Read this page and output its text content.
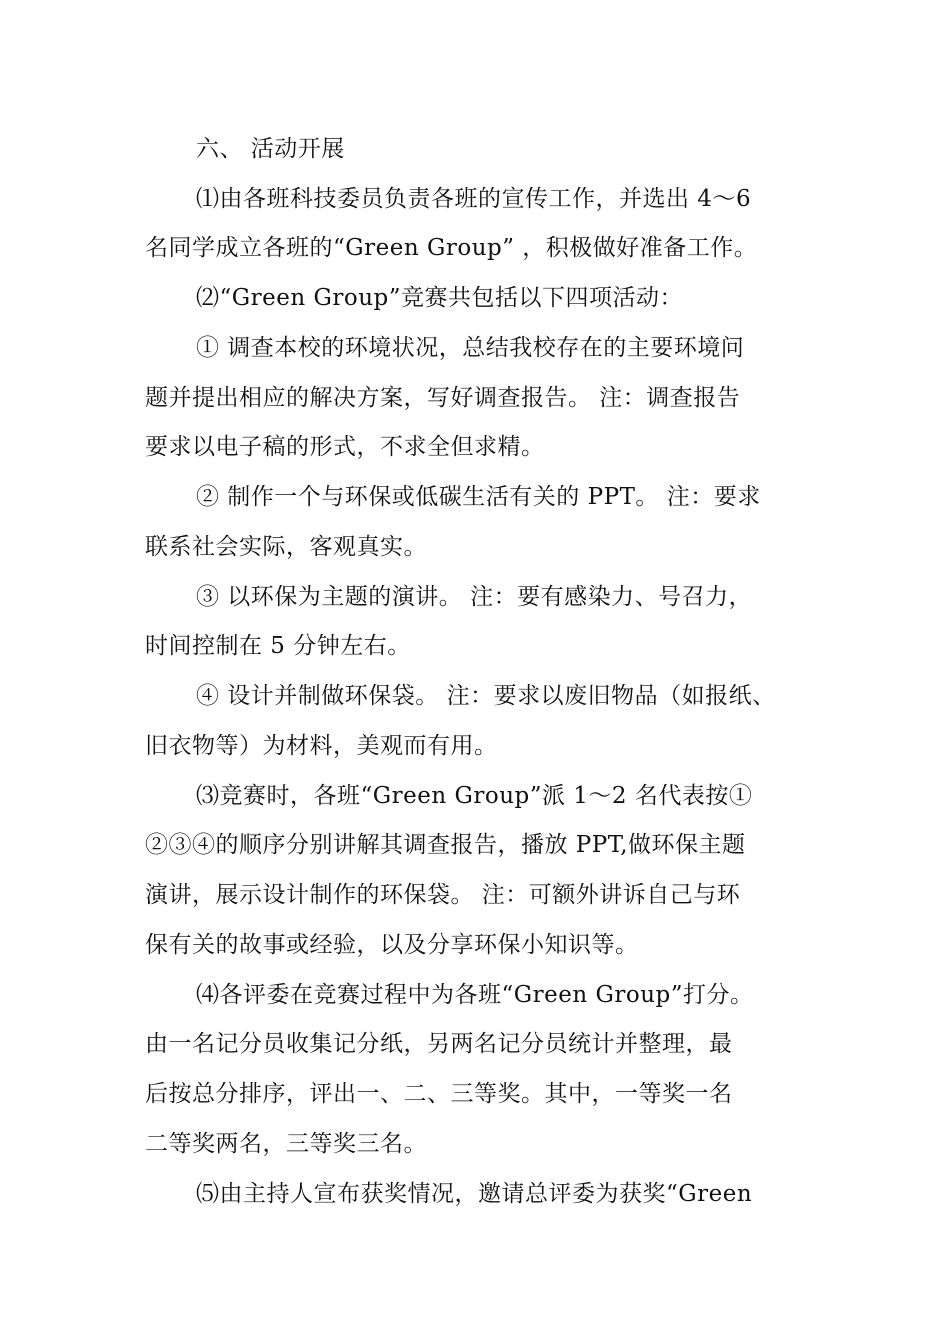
六、 活动开展
⑴由各班科技委员负责各班的宣传工作，并选出 4～6
名同学成立各班的“Green Group” ，积极做好准备工作。
⑵“Green Group”竞赛共包括以下四项活动：
① 调查本校的环境状况，总结我校存在的主要环境问
题并提出相应的解决方案，写好调查报告。 注：调查报告
要求以电子稿的形式，不求全但求精。
② 制作一个与环保或低碳生活有关的 PPT。 注：要求
联系社会实际，客观真实。
③ 以环保为主题的演讲。 注：要有感染力、号召力，
时间控制在 5 分钟左右。
④ 设计并制做环保袋。 注：要求以废旧物品（如报纸、
旧衣物等）为材料，美观而有用。
⑶竞赛时，各班“Green Group”派 1～2 名代表按①
②③④的顺序分别讲解其调查报告，播放 PPT,做环保主题
演讲，展示设计制作的环保袋。 注：可额外讲诉自己与环
保有关的故事或经验，以及分享环保小知识等。
⑷各评委在竞赛过程中为各班“Green Group”打分。
由一名记分员收集记分纸，另两名记分员统计并整理，最
后按总分排序，评出一、二、三等奖。其中，一等奖一名
二等奖两名，三等奖三名。
⑸由主持人宣布获奖情况，邀请总评委为获奖“Green
